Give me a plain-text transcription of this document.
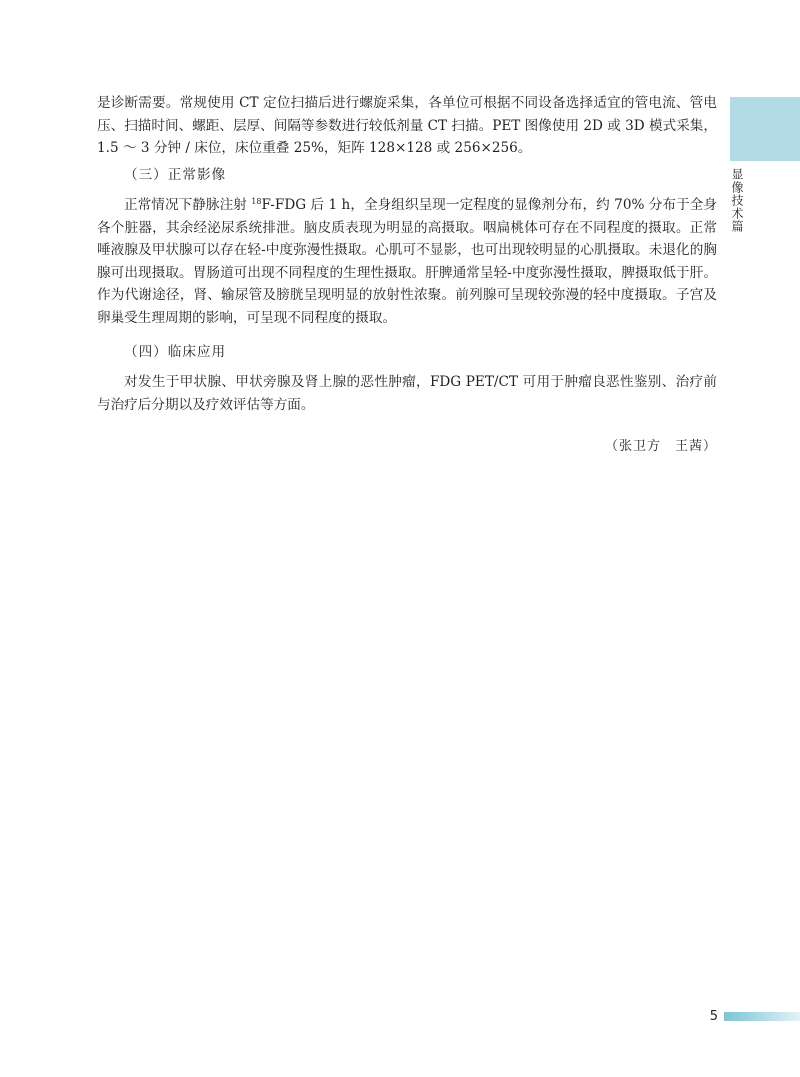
显像技术篇

是诊断需要。常规使用 CT 定位扫描后进行螺旋采集，各单位可根据不同设备选择适宜的管电流、管电压、扫描时间、螺距、层厚、间隔等参数进行较低剂量 CT 扫描。PET 图像使用 2D 或 3D 模式采集，1.5 ～ 3 分钟 / 床位，床位重叠 25%，矩阵 128×128 或 256×256。

（三）正常影像

正常情况下静脉注射 $^{18}$F-FDG 后 1 h，全身组织呈现一定程度的显像剂分布，约 70% 分布于全身各个脏器，其余经泌尿系统排泄。脑皮质表现为明显的高摄取。咽扁桃体可存在不同程度的摄取。正常唾液腺及甲状腺可以存在轻-中度弥漫性摄取。心肌可不显影，也可出现较明显的心肌摄取。未退化的胸腺可出现摄取。胃肠道可出现不同程度的生理性摄取。肝脾通常呈轻-中度弥漫性摄取，脾摄取低于肝。作为代谢途径，肾、输尿管及膀胱呈现明显的放射性浓聚。前列腺可呈现较弥漫的轻中度摄取。子宫及卵巢受生理周期的影响，可呈现不同程度的摄取。

（四）临床应用

对发生于甲状腺、甲状旁腺及肾上腺的恶性肿瘤，FDG PET/CT 可用于肿瘤良恶性鉴别、治疗前与治疗后分期以及疗效评估等方面。

（张卫方　王茜）
5
